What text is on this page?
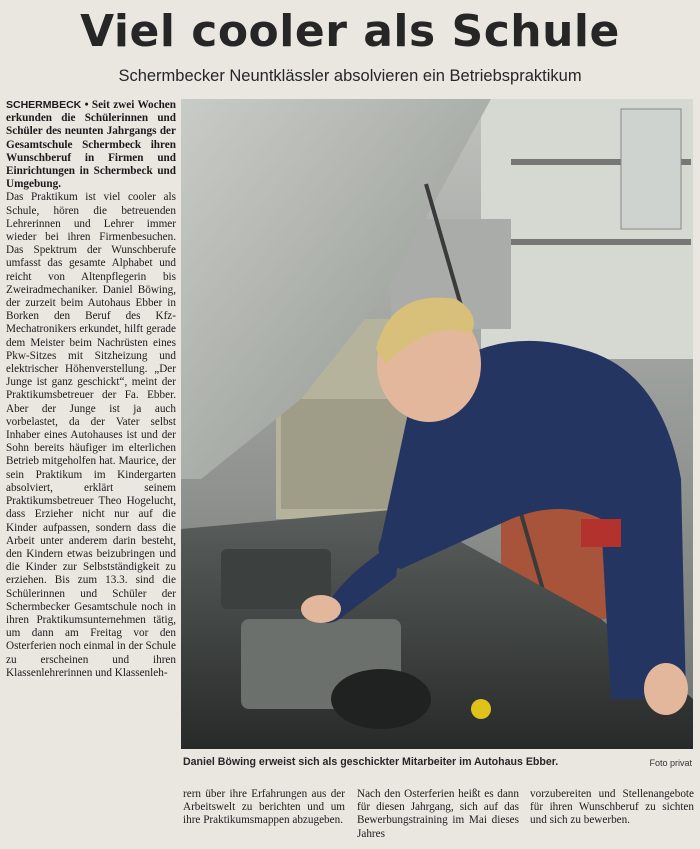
Viel cooler als Schule
Schermbecker Neuntklässler absolvieren ein Betriebspraktikum

SCHERMBECK • Seit zwei Wochen erkunden die Schülerinnen und Schüler des neunten Jahrgangs der Gesamtschule Schermbeck ihren Wunschberuf in Firmen und Einrichtungen in Schermbeck und Umgebung.

Das Praktikum ist viel cooler als Schule, hören die betreuenden Lehrerinnen und Lehrer immer wieder bei ihren Firmenbesuchen. Das Spektrum der Wunschberufe umfasst das gesamte Alphabet und reicht von Altenpflegerin bis Zweiradmechaniker. Daniel Böwing, der zurzeit beim Autohaus Ebber in Borken den Beruf des Kfz-Mechatronikers erkundet, hilft gerade dem Meister beim Nachrüsten eines Pkw-Sitzes mit Sitzheizung und elektrischer Höhenverstellung. „Der Junge ist ganz geschickt“, meint der Praktikumsbetreuer der Fa. Ebber. Aber der Junge ist ja auch vorbelastet, da der Vater selbst Inhaber eines Autohauses ist und der Sohn bereits häufiger im elterlichen Betrieb mitgeholfen hat. Maurice, der sein Praktikum im Kindergarten absolviert, erklärt seinem Praktikumsbetreuer Theo Hogelucht, dass Erzieher nicht nur auf die Kinder aufpassen, sondern dass die Arbeit unter anderem darin besteht, den Kindern etwas beizubringen und die Kinder zur Selbstständigkeit zu erziehen. Bis zum 13.3. sind die Schülerinnen und Schüler der Schermbecker Gesamtschule noch in ihren Praktikumsunternehmen tätig, um dann am Freitag vor den Osterferien noch einmal in der Schule zu erscheinen und ihren Klassenlehrerinnen und Klassenleh-

Daniel Böwing erweist sich als geschickter Mitarbeiter im Autohaus Ebber.	Foto privat

rern über ihre Erfahrungen aus der Arbeitswelt zu berichten und um ihre Praktikumsmappen abzugeben.

Nach den Osterferien heißt es dann für diesen Jahrgang, sich auf das Bewerbungstraining im Mai dieses Jahres

vorzubereiten und Stellenangebote für ihren Wunschberuf zu sichten und sich zu bewerben.
